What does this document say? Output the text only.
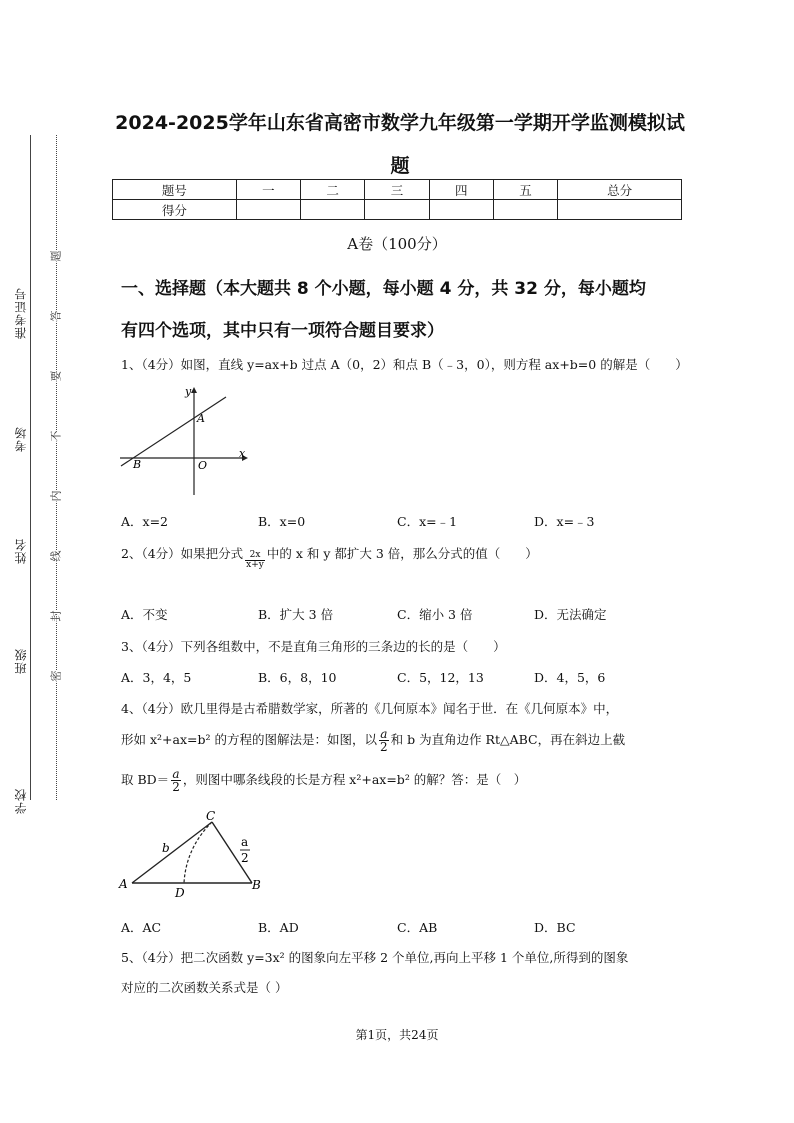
准考证号
考场
姓名
班级
学校
题
答
要
不
内
线
封
密
2024-2025学年山东省高密市数学九年级第一学期开学监测模拟试
题
题号	一	二	三	四	五	总分
得分						
A卷（100分）
一、选择题（本大题共 8 个小题，每小题 4 分，共 32 分，每小题均
有四个选项，其中只有一项符合题目要求）
1、（4分）如图，直线 y=ax+b 过点 A（0，2）和点 B（﹣3，0），则方程 ax+b=0 的解是（　　）
y
x
A
B	O
A．x=2	B．x=0	C．x=﹣1	D．x=﹣3
2、（4分）如果把分式 $\frac{2x}{x+y}$ 中的 x 和 y 都扩大 3 倍，那么分式的值（　　）
A．不变	B．扩大 3 倍	C．缩小 3 倍	D．无法确定
3、（4分）下列各组数中，不是直角三角形的三条边的长的是（　　）
A．3，4，5	B．6，8，10	C．5，12，13	D．4，5，6
4、（4分）欧几里得是古希腊数学家，所著的《几何原本》闻名于世．在《几何原本》中，
形如 x²+ax=b² 的方程的图解法是：如图，以 $\frac{a}{2}$ 和 b 为直角边作 Rt△ABC，再在斜边上截
取 $BD= \frac{a}{2}$ ，则图中哪条线段的长是方程 x²+ax=b² 的解？答：是（　）
C
b	a
2
A
D
B
A．AC	B．AD	C．AB	D．BC
5、（4分）把二次函数 y=3x² 的图象向左平移 2 个单位,再向上平移 1 个单位,所得到的图象
对应的二次函数关系式是（ ）
第1页，共24页
